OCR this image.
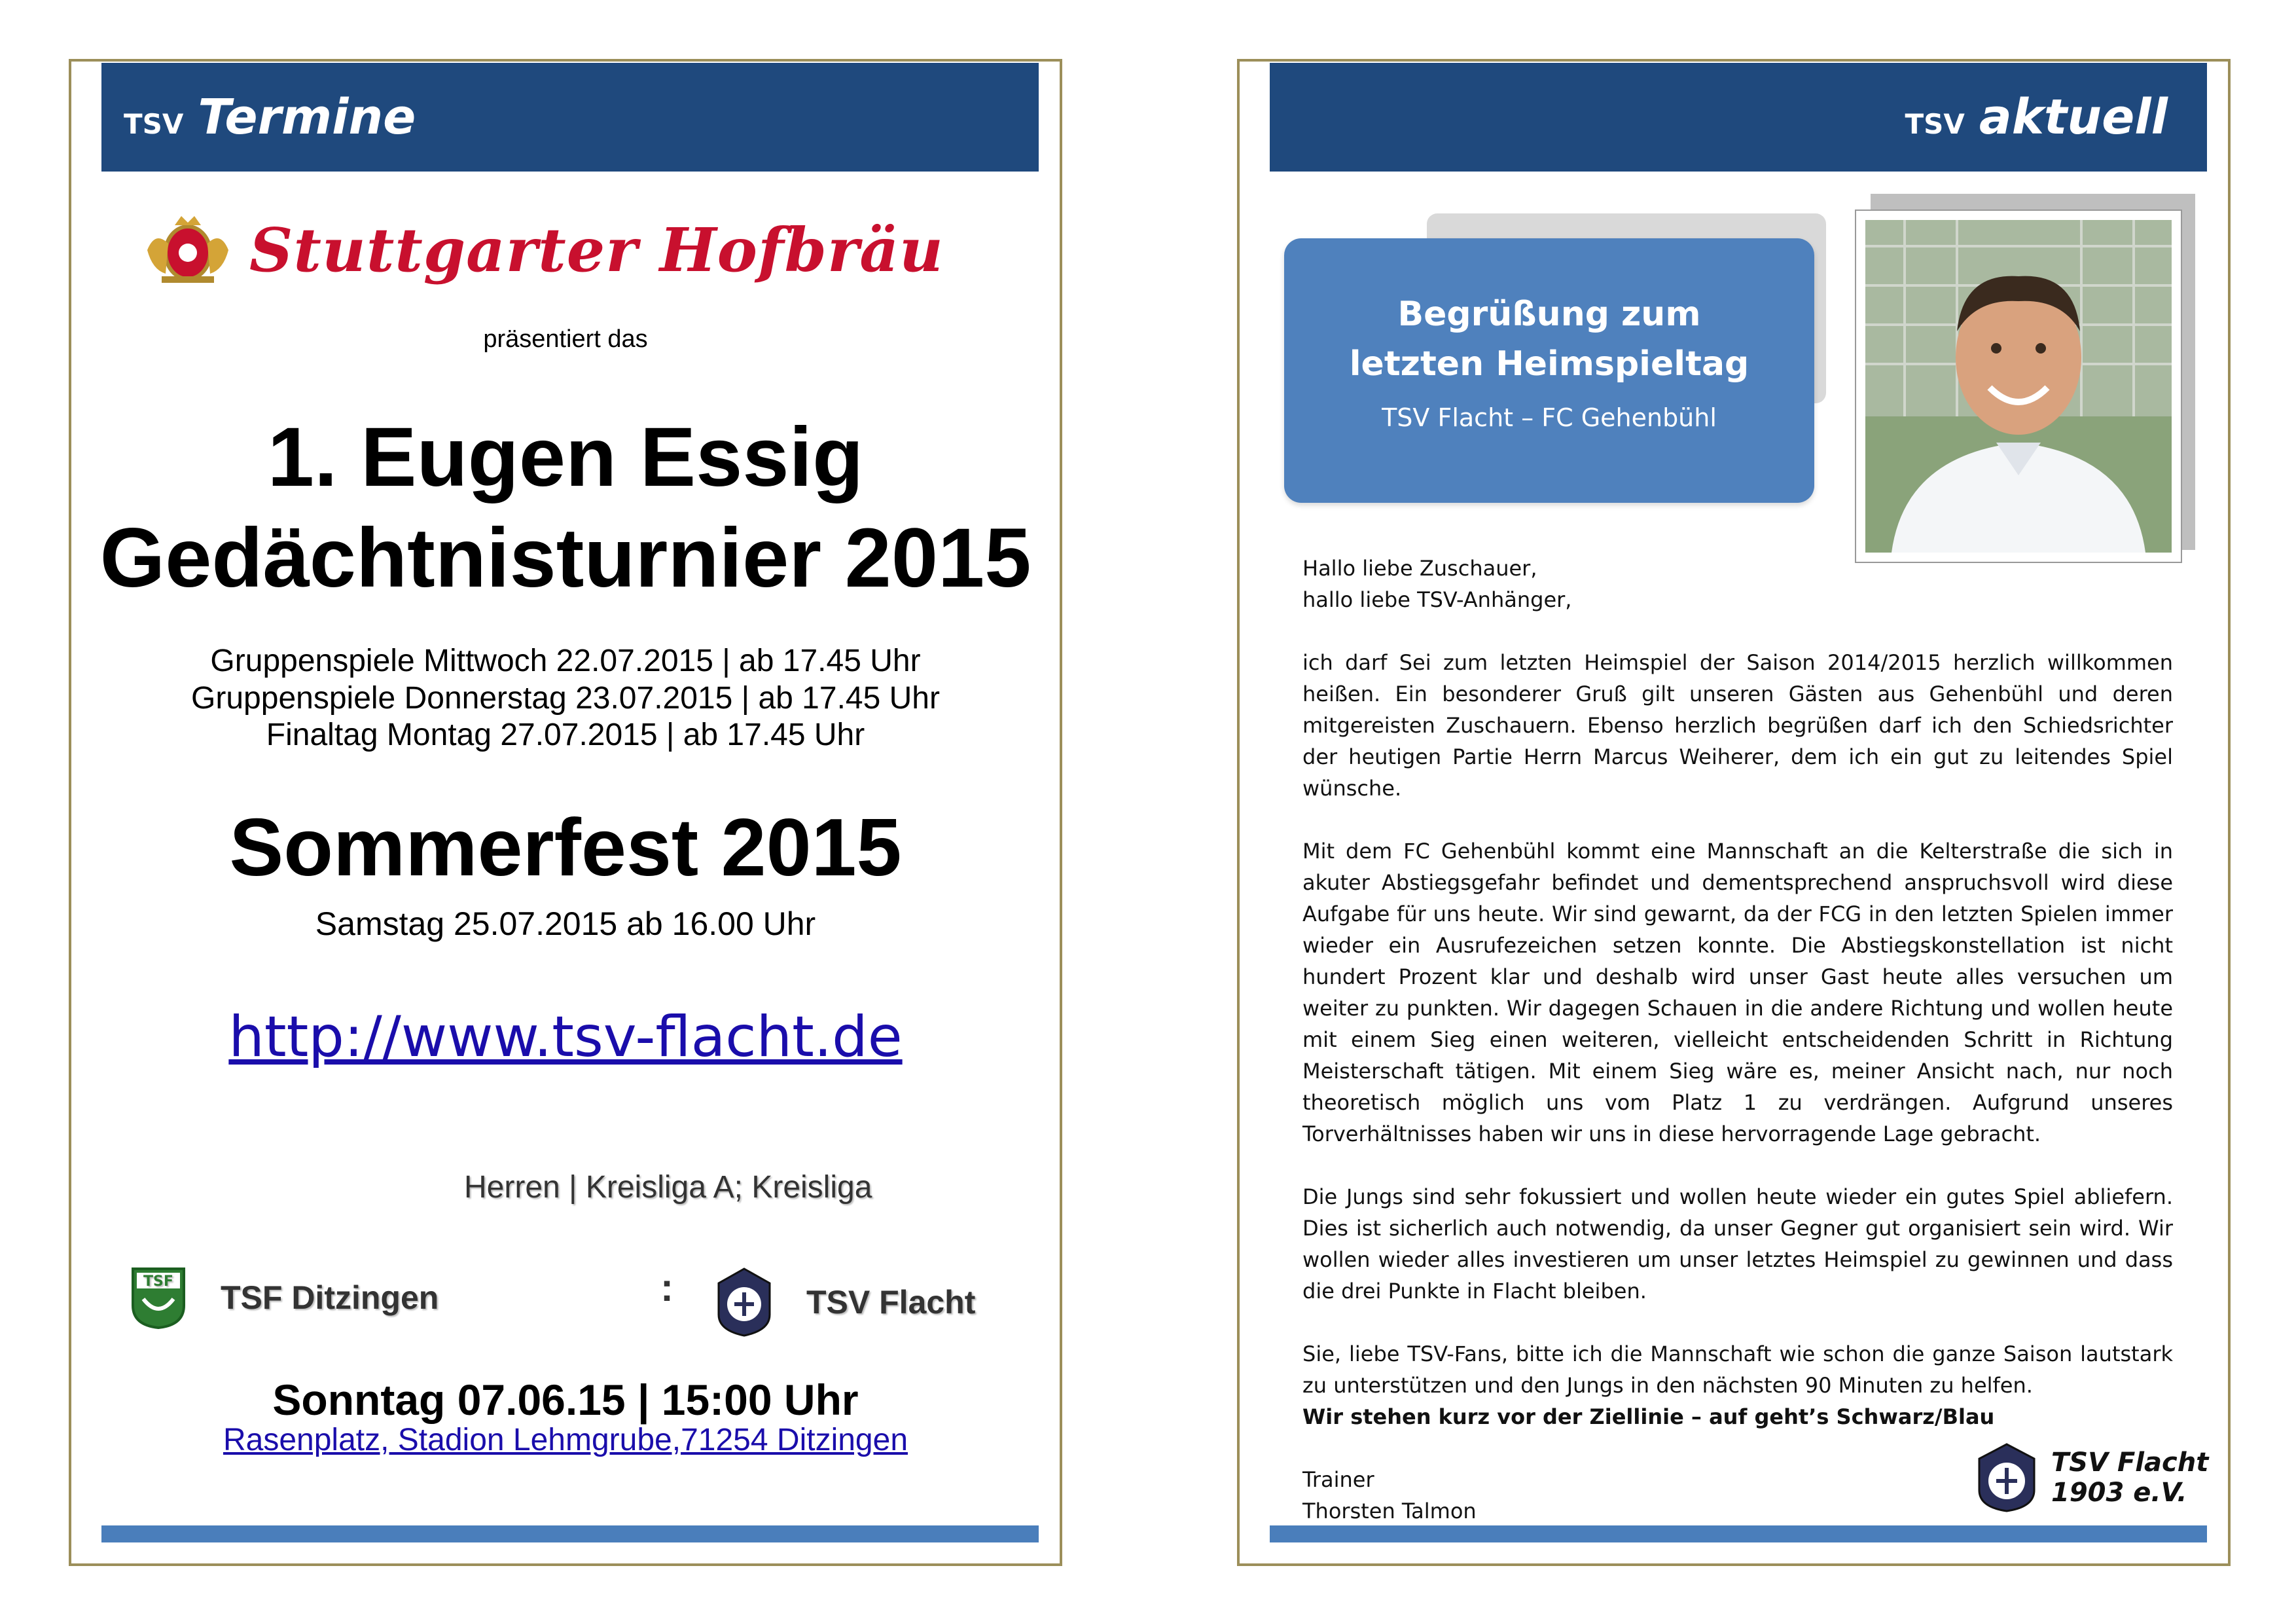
TSV Termine
Stuttgarter Hofbräu
präsentiert das
1. Eugen Essig
Gedächtnisturnier 2015
Gruppenspiele Mittwoch 22.07.2015 | ab 17.45 Uhr
Gruppenspiele Donnerstag 23.07.2015 | ab 17.45 Uhr
Finaltag Montag 27.07.2015 | ab 17.45 Uhr
Sommerfest 2015
Samstag 25.07.2015 ab 16.00 Uhr
http://www.tsv-flacht.de
Herren | Kreisliga A; Kreisliga
TSF TSF Ditzingen	:	TSV Flacht
Sonntag 07.06.15 | 15:00 Uhr
Rasenplatz, Stadion Lehmgrube,71254 Ditzingen
TSV aktuell
Begrüßung zum
letzten Heimspieltag
TSV Flacht – FC Gehenbühl

Hallo liebe Zuschauer,

hallo liebe TSV-Anhänger,

ich darf Sei zum letzten Heimspiel der Saison 2014/2015 herzlich willkommen heißen. Ein besonderer Gruß gilt unseren Gästen aus Gehenbühl und deren mitgereisten Zuschauern. Ebenso herzlich begrüßen darf ich den Schiedsrichter der heutigen Partie Herrn Marcus Weiherer, dem ich ein gut zu leitendes Spiel wünsche.

Mit dem FC Gehenbühl kommt eine Mannschaft an die Kelterstraße die sich in akuter Abstiegsgefahr befindet und dementsprechend anspruchsvoll wird diese Aufgabe für uns heute. Wir sind gewarnt, da der FCG in den letzten Spielen immer wieder ein Ausrufezeichen setzen konnte. Die Abstiegskonstellation ist nicht hundert Prozent klar und deshalb wird unser Gast heute alles versuchen um weiter zu punkten. Wir dagegen Schauen in die andere Richtung und wollen heute mit einem Sieg einen weiteren, vielleicht entscheidenden Schritt in Richtung Meisterschaft tätigen. Mit einem Sieg wäre es, meiner Ansicht nach, nur noch theoretisch möglich uns vom Platz 1 zu verdrängen. Aufgrund unseres Torverhältnisses haben wir uns in diese hervorragende Lage gebracht.

Die Jungs sind sehr fokussiert und wollen heute wieder ein gutes Spiel abliefern. Dies ist sicherlich auch notwendig, da unser Gegner gut organisiert sein wird. Wir wollen wieder alles investieren um unser letztes Heimspiel zu gewinnen und dass die drei Punkte in Flacht bleiben.

Sie, liebe TSV-Fans, bitte ich die Mannschaft wie schon die ganze Saison lautstark zu unterstützen und den Jungs in den nächsten 90 Minuten zu helfen.

Wir stehen kurz vor der Ziellinie – auf geht’s Schwarz/Blau

Trainer

Thorsten Talmon

TSV Flacht
1903 e.V.
